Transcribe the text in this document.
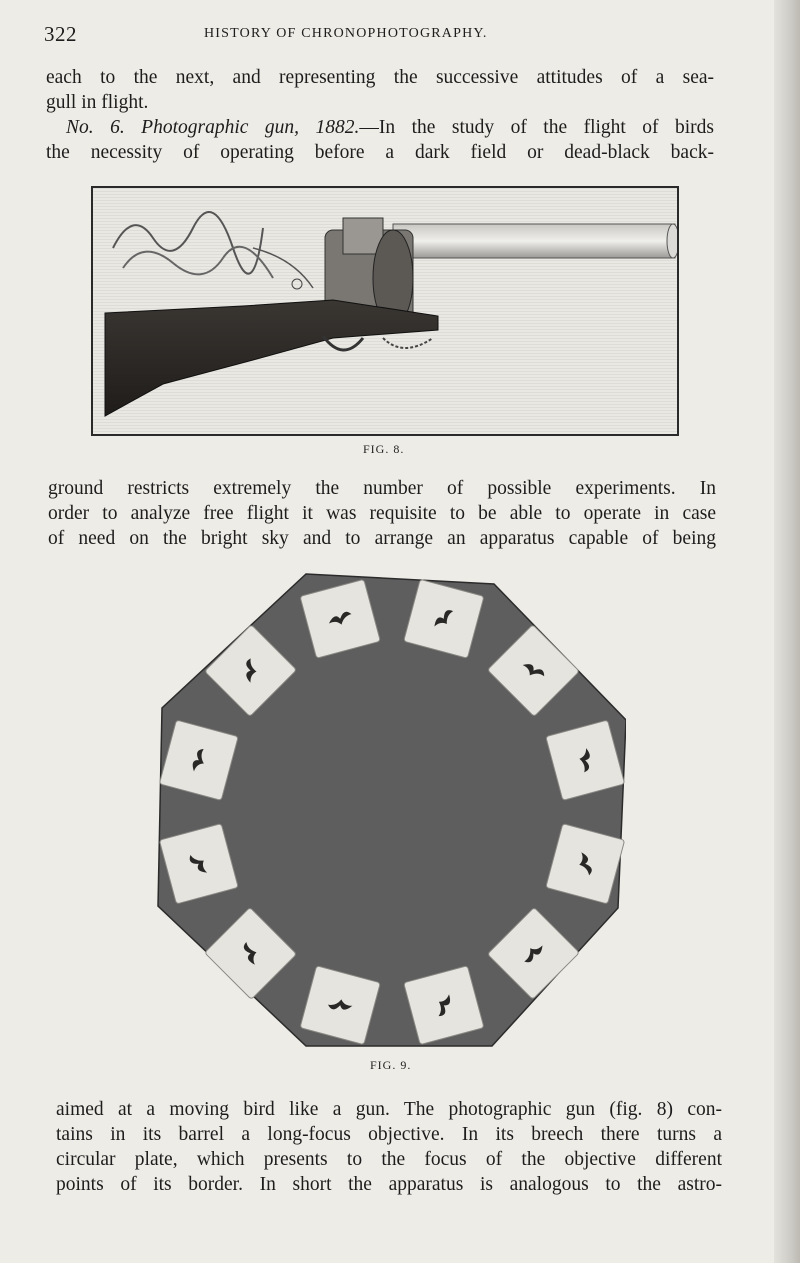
322	HISTORY OF CHRONOPHOTOGRAPHY.
each to the next, and representing the successive attitudes of a sea-
gull in flight.
No. 6. Photographic gun, 1882.—In the study of the flight of birds
the necessity of operating before a dark field or dead-black back-
FIG. 8.
ground restricts extremely the number of possible experiments. In
order to analyze free flight it was requisite to be able to operate in case
of need on the bright sky and to arrange an apparatus capable of being
FIG. 9.
aimed at a moving bird like a gun. The photographic gun (fig. 8) con-
tains in its barrel a long-focus objective. In its breech there turns a
circular plate, which presents to the focus of the objective different
points of its border. In short the apparatus is analogous to the astro-
